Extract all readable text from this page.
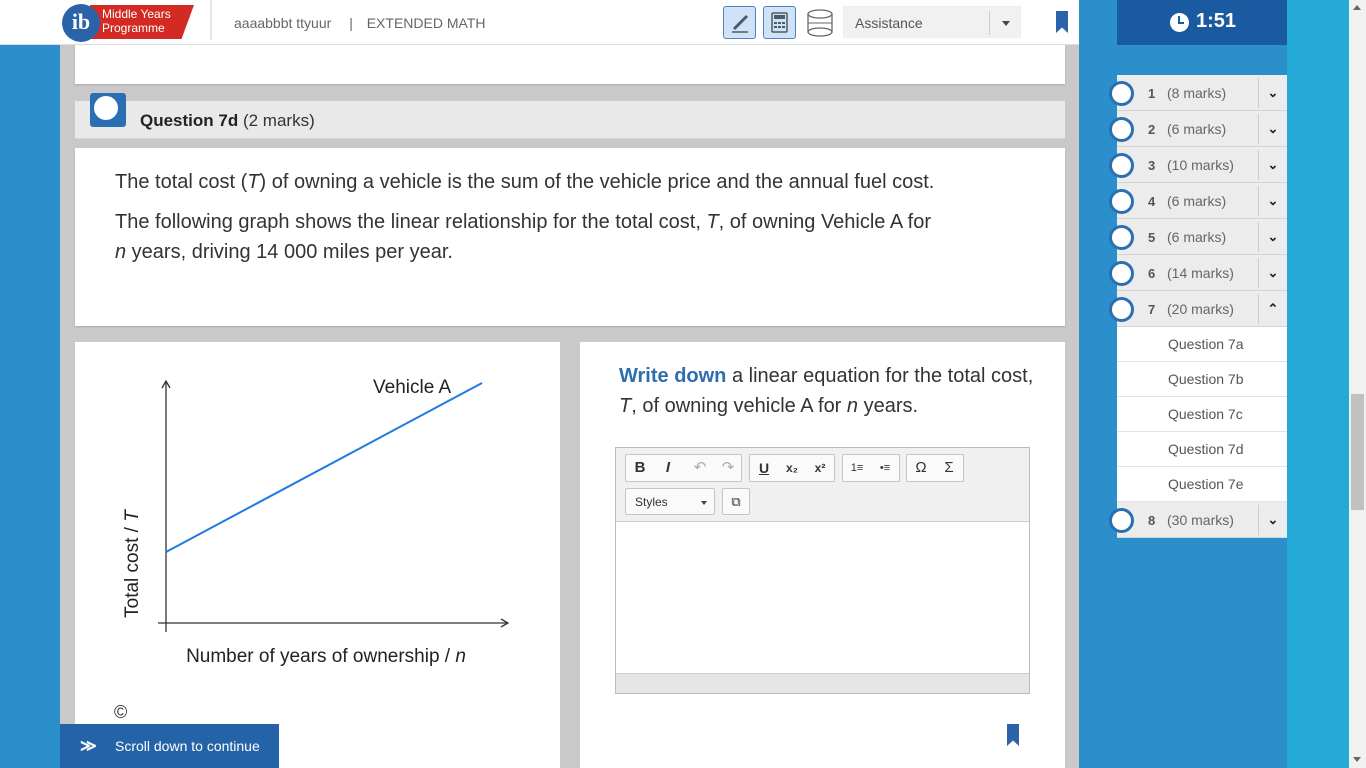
ib Middle Years
Programme	aaaabbbt ttyuur | EXTENDED MATH	Assistance
Question 7d (2 marks)

The total cost (T) of owning a vehicle is the sum of the vehicle price and the annual fuel cost.

The following graph shows the linear relationship for the total cost, T, of owning Vehicle A for
n years, driving 14 000 miles per year.

Vehicle A
Total cost / T
Number of years of ownership / n
©
Write down a linear equation for the total cost, T, of owning vehicle A for n years.
B	I	↶	↷	U	x₂	x²	1≡	•≡	Ω	Σ
Styles	⧉
≫ Scroll down to continue
1:51
1 (8 marks)	⌄
2 (6 marks)	⌄
3 (10 marks)	⌄
4 (6 marks)	⌄
5 (6 marks)	⌄
6 (14 marks)	⌄
7 (20 marks)	⌃
Question 7a
Question 7b
Question 7c
Question 7d
Question 7e
8 (30 marks)	⌄
